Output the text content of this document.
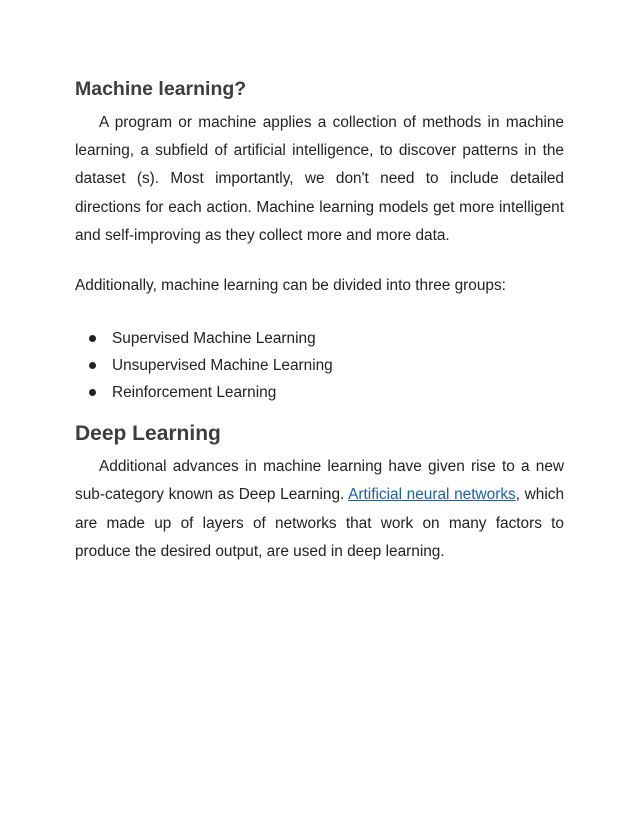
Machine learning?

A program or machine applies a collection of methods in machine learning, a subfield of artificial intelligence, to discover patterns in the dataset (s). Most importantly, we don't need to include detailed directions for each action. Machine learning models get more intelligent and self-improving as they collect more and more data.

Additionally, machine learning can be divided into three groups:

Supervised Machine Learning
Unsupervised Machine Learning
Reinforcement Learning
Deep Learning

Additional advances in machine learning have given rise to a new sub-category known as Deep Learning. Artificial neural networks, which are made up of layers of networks that work on many factors to produce the desired output, are used in deep learning.
